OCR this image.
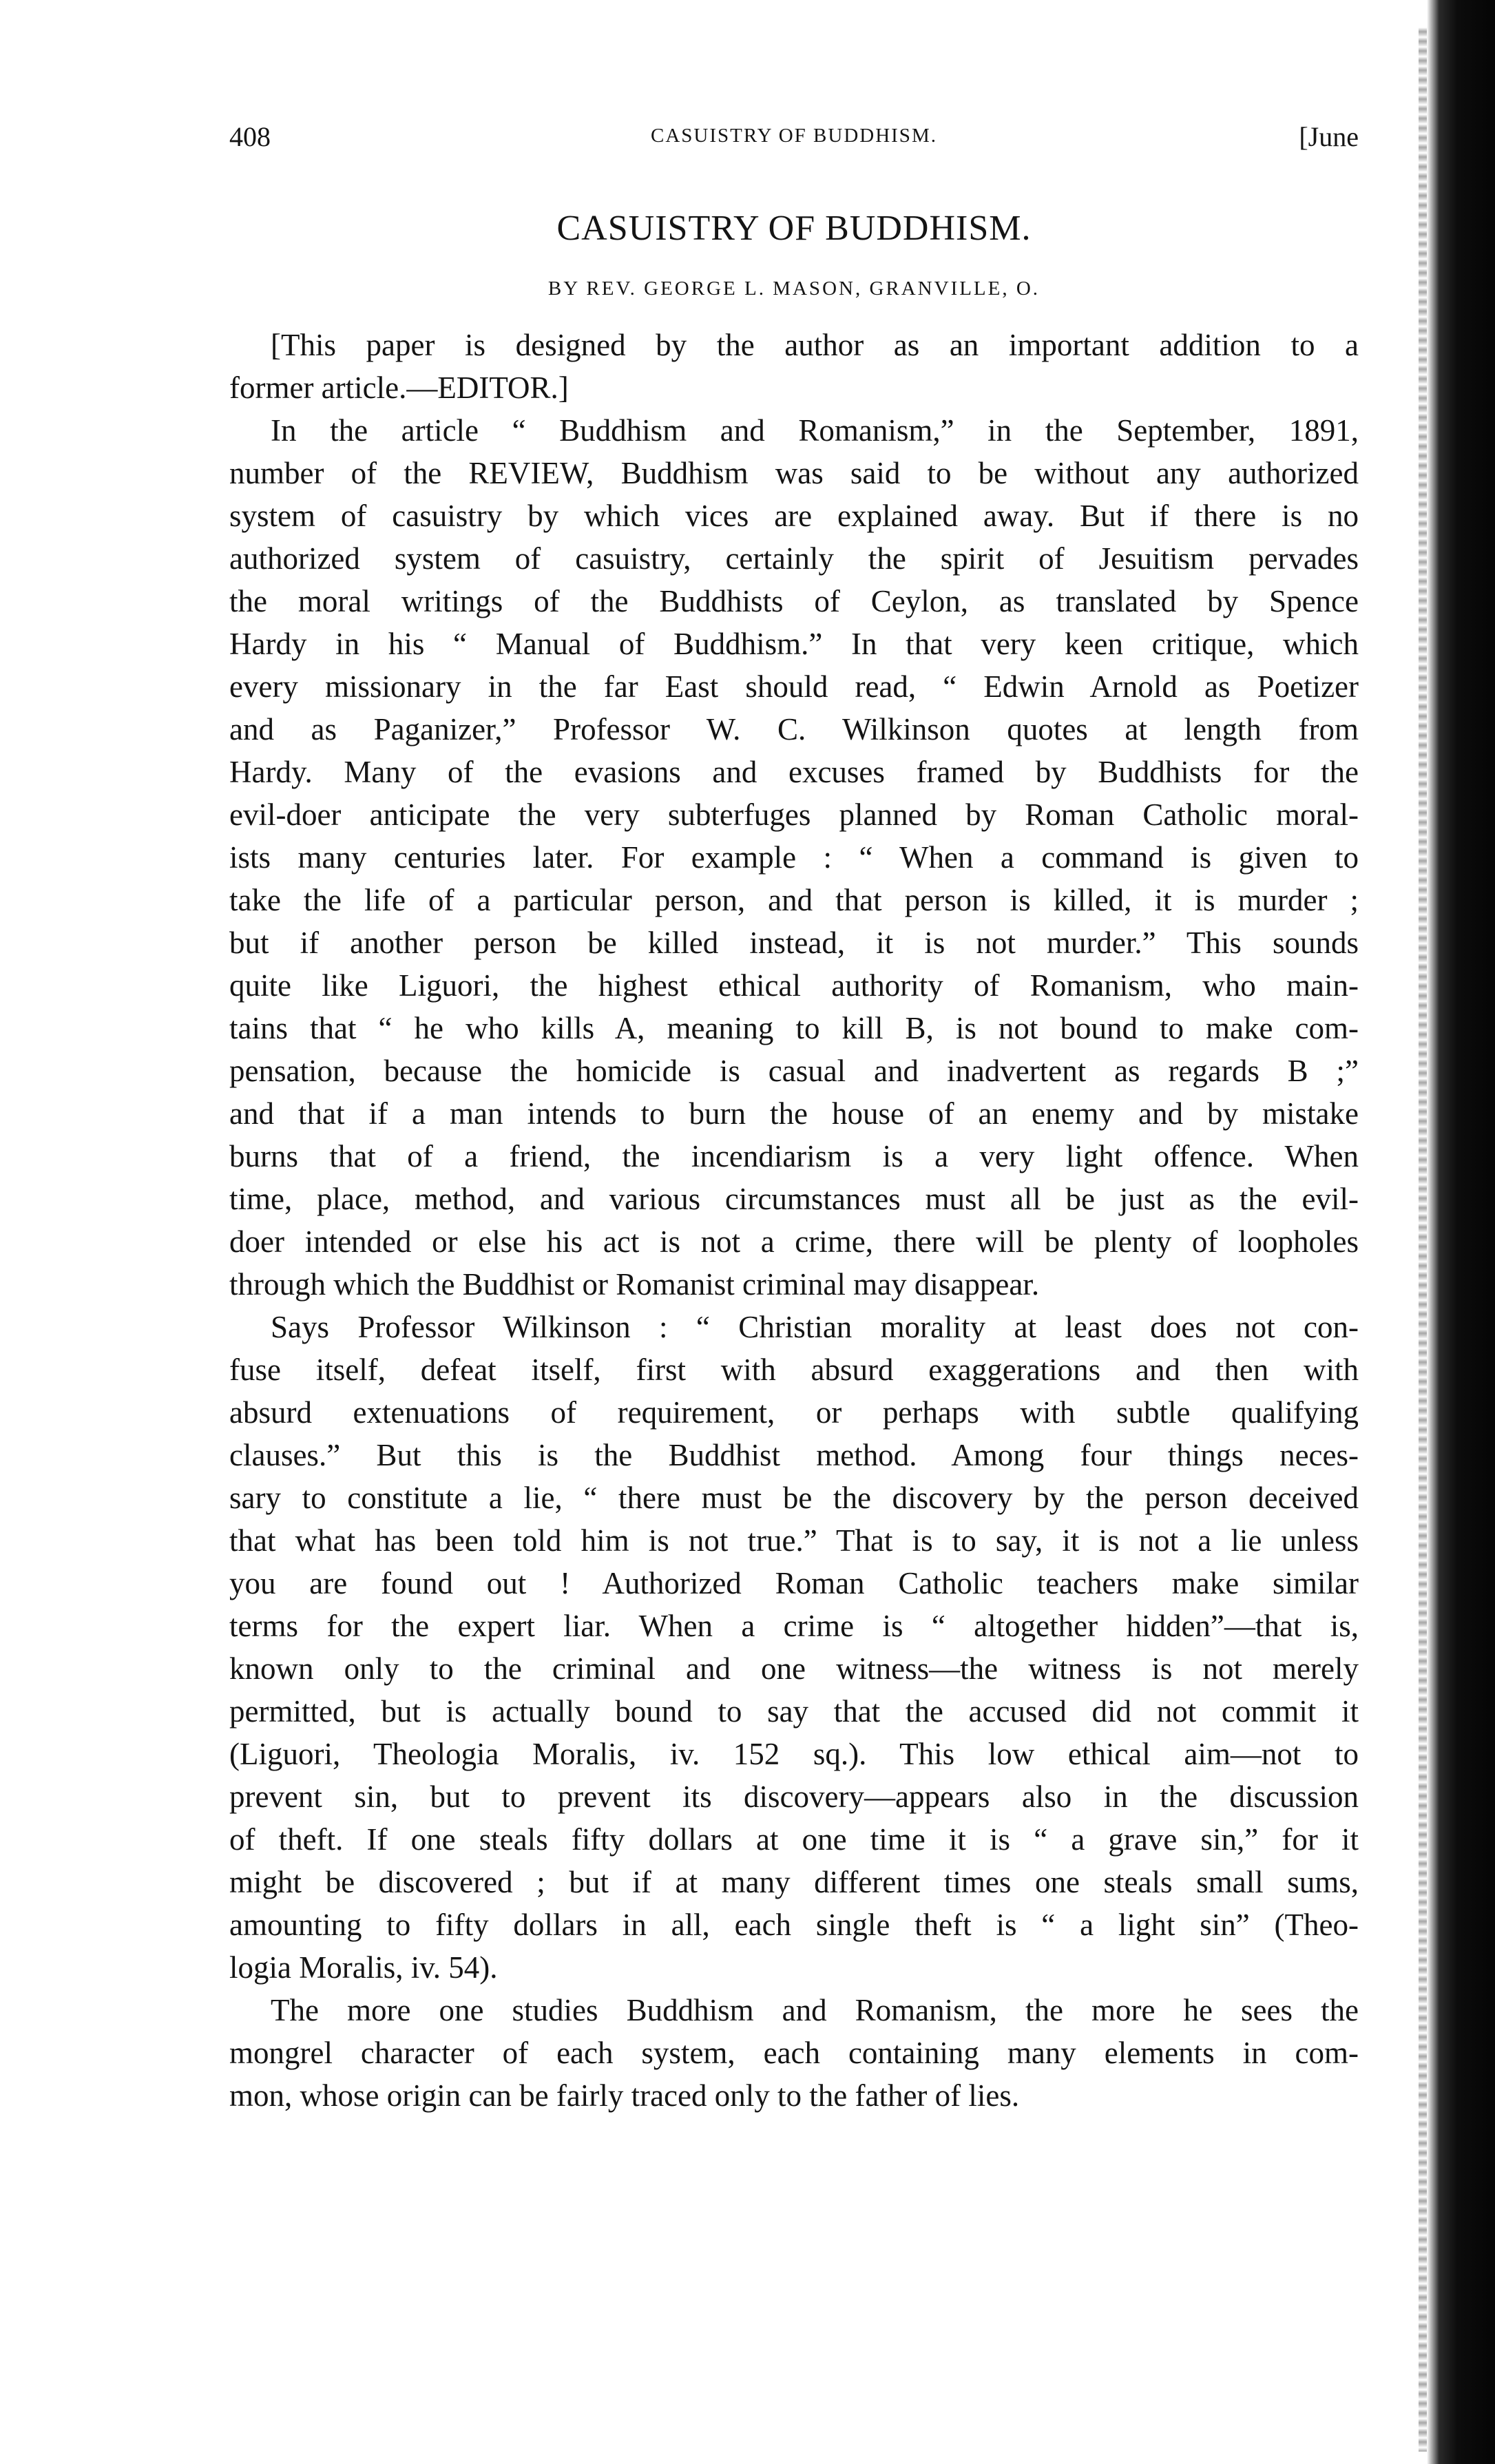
408	CASUISTRY OF BUDDHISM.	[June
CASUISTRY OF BUDDHISM.
BY REV. GEORGE L. MASON, GRANVILLE, O.
[This paper is designed by the author as an important addition to a
former article.—EDITOR.]
In the article “ Buddhism and Romanism,” in the September, 1891,
number of the REVIEW, Buddhism was said to be without any authorized
system of casuistry by which vices are explained away. But if there is no
authorized system of casuistry, certainly the spirit of Jesuitism pervades
the moral writings of the Buddhists of Ceylon, as translated by Spence
Hardy in his “ Manual of Buddhism.” In that very keen critique, which
every missionary in the far East should read, “ Edwin Arnold as Poetizer
and as Paganizer,” Professor W. C. Wilkinson quotes at length from
Hardy. Many of the evasions and excuses framed by Buddhists for the
evil-doer anticipate the very subterfuges planned by Roman Catholic moral-
ists many centuries later. For example : “ When a command is given to
take the life of a particular person, and that person is killed, it is murder ;
but if another person be killed instead, it is not murder.” This sounds
quite like Liguori, the highest ethical authority of Romanism, who main-
tains that “ he who kills A, meaning to kill B, is not bound to make com-
pensation, because the homicide is casual and inadvertent as regards B ;”
and that if a man intends to burn the house of an enemy and by mistake
burns that of a friend, the incendiarism is a very light offence. When
time, place, method, and various circumstances must all be just as the evil-
doer intended or else his act is not a crime, there will be plenty of loopholes
through which the Buddhist or Romanist criminal may disappear.
Says Professor Wilkinson : “ Christian morality at least does not con-
fuse itself, defeat itself, first with absurd exaggerations and then with
absurd extenuations of requirement, or perhaps with subtle qualifying
clauses.” But this is the Buddhist method. Among four things neces-
sary to constitute a lie, “ there must be the discovery by the person deceived
that what has been told him is not true.” That is to say, it is not a lie unless
you are found out ! Authorized Roman Catholic teachers make similar
terms for the expert liar. When a crime is “ altogether hidden”—that is,
known only to the criminal and one witness—the witness is not merely
permitted, but is actually bound to say that the accused did not commit it
(Liguori, Theologia Moralis, iv. 152 sq.). This low ethical aim—not to
prevent sin, but to prevent its discovery—appears also in the discussion
of theft. If one steals fifty dollars at one time it is “ a grave sin,” for it
might be discovered ; but if at many different times one steals small sums,
amounting to fifty dollars in all, each single theft is “ a light sin” (Theo-
logia Moralis, iv. 54).
The more one studies Buddhism and Romanism, the more he sees the
mongrel character of each system, each containing many elements in com-
mon, whose origin can be fairly traced only to the father of lies.
